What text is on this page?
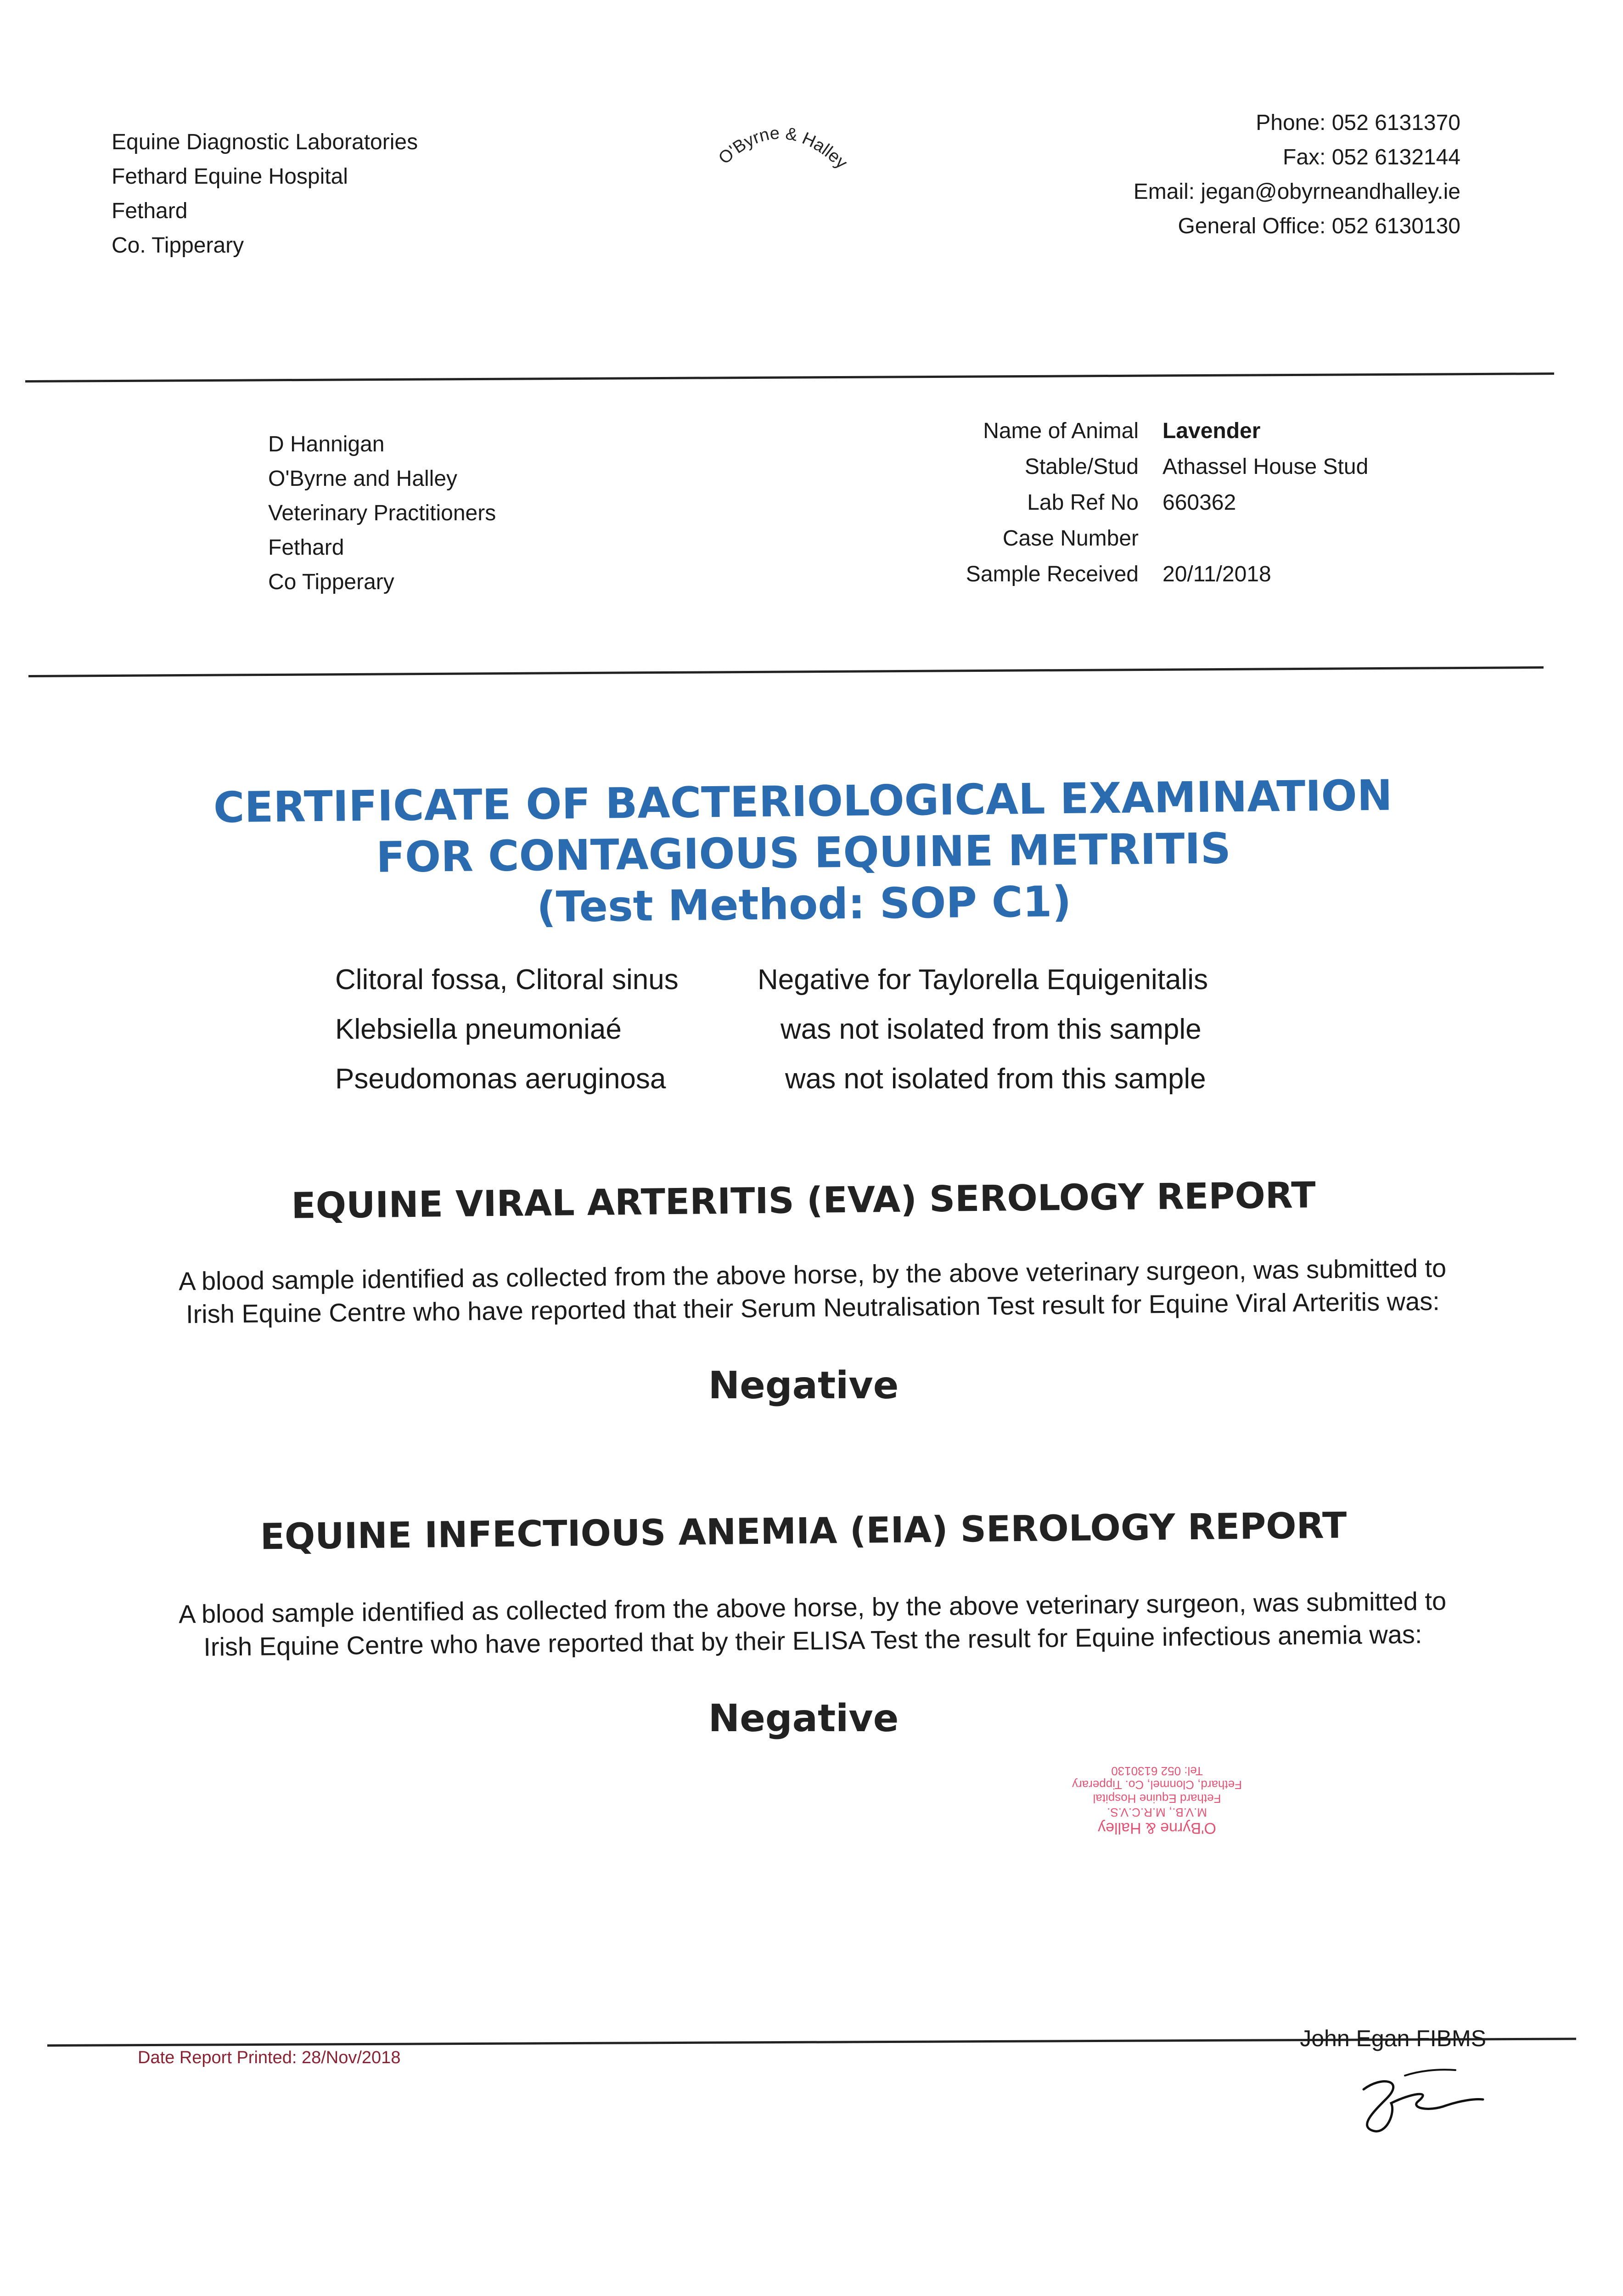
Equine Diagnostic Laboratories
Fethard Equine Hospital
Fethard
Co. Tipperary
O'Byrne & Halley
Phone: 052 6131370
Fax: 052 6132144
Email: jegan@obyrneandhalley.ie
General Office: 052 6130130
D Hannigan
O'Byrne and Halley
Veterinary Practitioners
Fethard
Co Tipperary
Name of Animal	Lavender
Stable/Stud	Athassel House Stud
Lab Ref No	660362
Case Number
Sample Received	20/11/2018
CERTIFICATE OF BACTERIOLOGICAL EXAMINATION
FOR CONTAGIOUS EQUINE METRITIS
(Test Method: SOP C1)
Clitoral fossa, Clitoral sinus	Negative for Taylorella Equigenitalis
Klebsiella pneumoniaé	was not isolated from this sample
Pseudomonas aeruginosa	was not isolated from this sample
EQUINE VIRAL ARTERITIS (EVA) SEROLOGY REPORT
A blood sample identified as collected from the above horse, by the above veterinary surgeon, was submitted to
Irish Equine Centre who have reported that their Serum Neutralisation Test result for Equine Viral Arteritis was:
Negative
EQUINE INFECTIOUS ANEMIA (EIA) SEROLOGY REPORT
A blood sample identified as collected from the above horse, by the above veterinary surgeon, was submitted to
Irish Equine Centre who have reported that by their ELISA Test the result for Equine infectious anemia was:
Negative
O'Byrne & Halley
M.V.B., M.R.C.V.S.
Fethard Equine Hospital
Fethard, Clonmel, Co. Tipperary
Tel: 052 6130130
Date Report Printed: 28/Nov/2018
John Egan FIBMS
